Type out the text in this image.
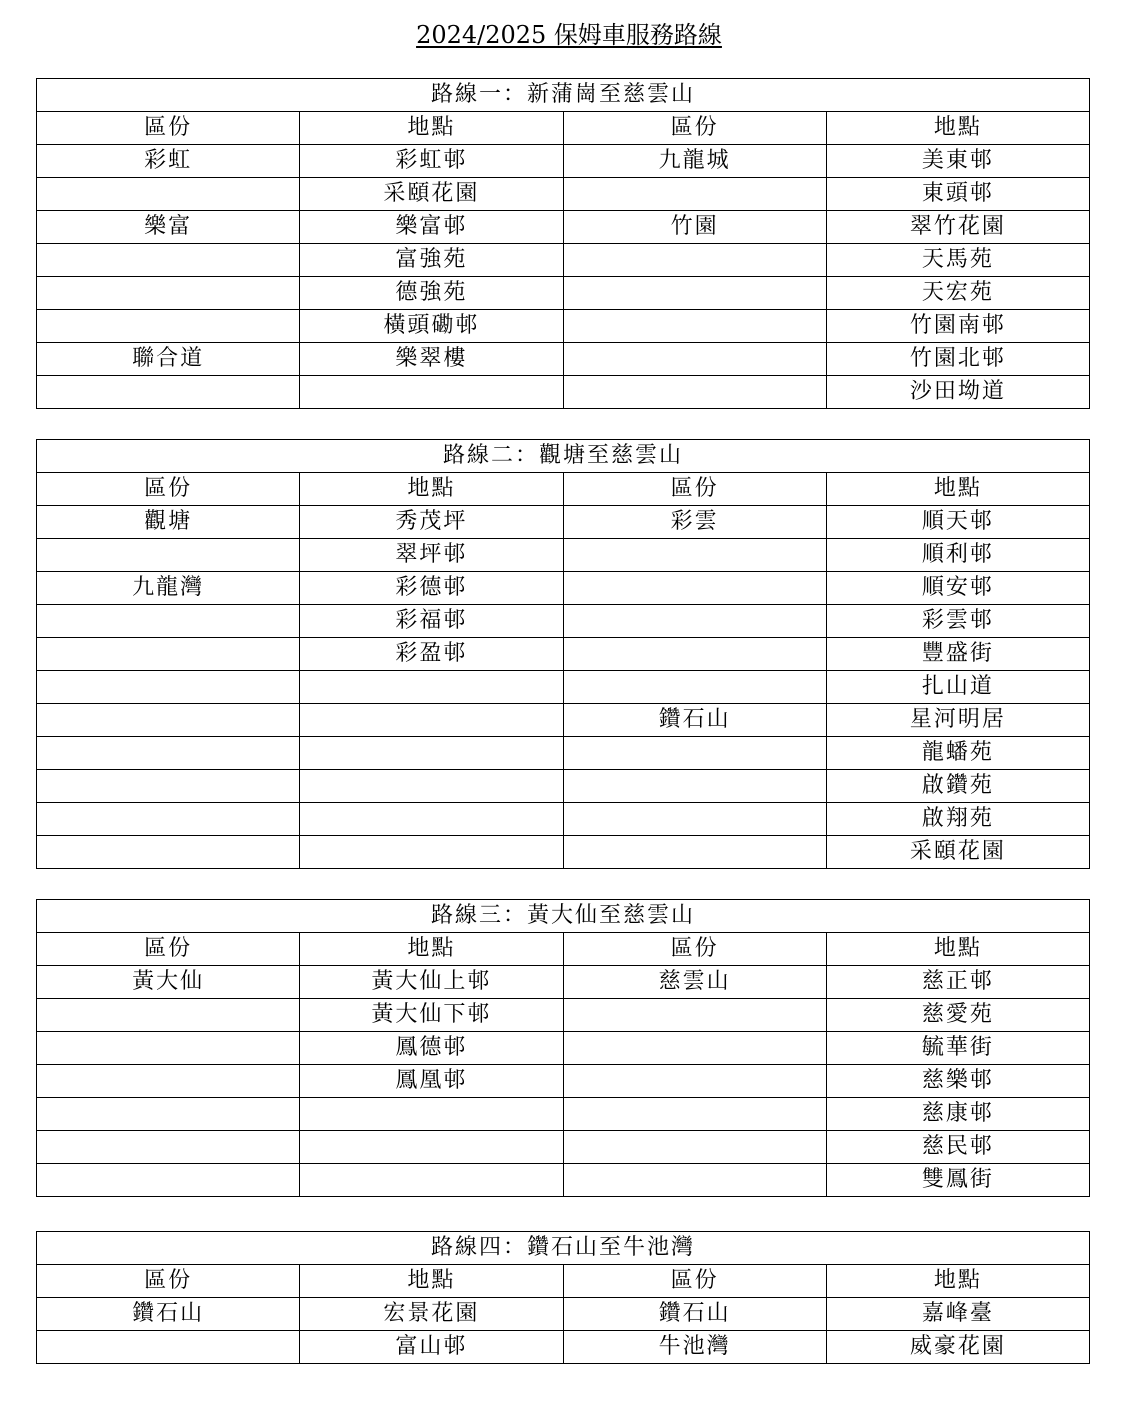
2024/2025 保姆車服務路線
路線一：新蒲崗至慈雲山			
區份	地點	區份	地點
彩虹	彩虹邨	九龍城	美東邨
	采頤花園		東頭邨
樂富	樂富邨	竹園	翠竹花園
	富強苑		天馬苑
	德強苑		天宏苑
	橫頭磡邨		竹園南邨
聯合道	樂翠樓		竹園北邨
			沙田坳道
路線二：觀塘至慈雲山			
區份	地點	區份	地點
觀塘	秀茂坪	彩雲	順天邨
	翠坪邨		順利邨
九龍灣	彩德邨		順安邨
	彩福邨		彩雲邨
	彩盈邨		豐盛街
			扎山道
		鑽石山	星河明居
			龍蟠苑
			啟鑽苑
			啟翔苑
			采頤花園
路線三：黃大仙至慈雲山			
區份	地點	區份	地點
黃大仙	黃大仙上邨	慈雲山	慈正邨
	黃大仙下邨		慈愛苑
	鳳德邨		毓華街
	鳳凰邨		慈樂邨
			慈康邨
			慈民邨
			雙鳳街
路線四：鑽石山至牛池灣			
區份	地點	區份	地點
鑽石山	宏景花園	鑽石山	嘉峰臺
	富山邨	牛池灣	威豪花園
